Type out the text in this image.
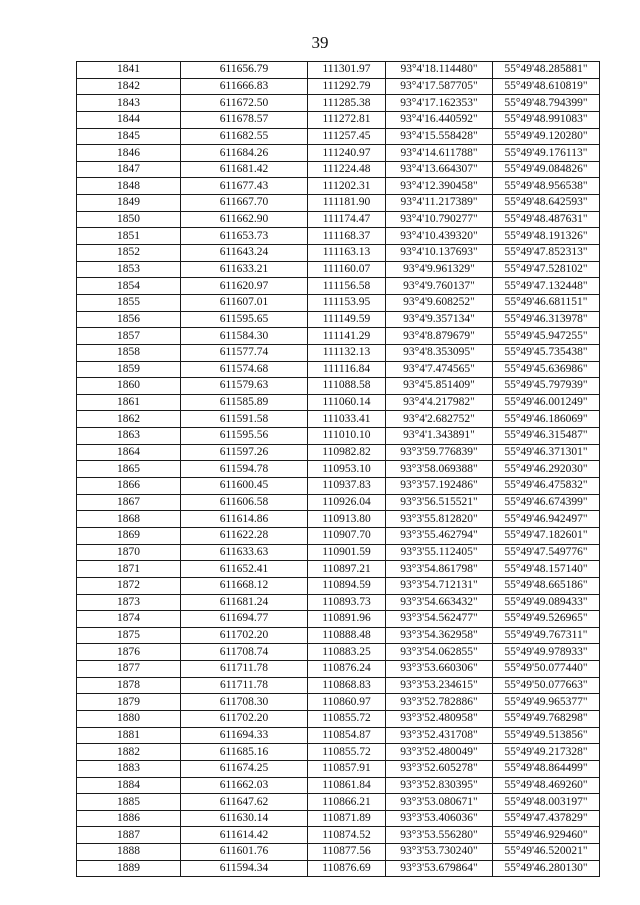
39
1841	611656.79	111301.97	93°4'18.114480"	55°49'48.285881"
1842	611666.83	111292.79	93°4'17.587705"	55°49'48.610819"
1843	611672.50	111285.38	93°4'17.162353"	55°49'48.794399"
1844	611678.57	111272.81	93°4'16.440592"	55°49'48.991083"
1845	611682.55	111257.45	93°4'15.558428"	55°49'49.120280"
1846	611684.26	111240.97	93°4'14.611788"	55°49'49.176113"
1847	611681.42	111224.48	93°4'13.664307"	55°49'49.084826"
1848	611677.43	111202.31	93°4'12.390458"	55°49'48.956538"
1849	611667.70	111181.90	93°4'11.217389"	55°49'48.642593"
1850	611662.90	111174.47	93°4'10.790277"	55°49'48.487631"
1851	611653.73	111168.37	93°4'10.439320"	55°49'48.191326"
1852	611643.24	111163.13	93°4'10.137693"	55°49'47.852313"
1853	611633.21	111160.07	93°4'9.961329"	55°49'47.528102"
1854	611620.97	111156.58	93°4'9.760137"	55°49'47.132448"
1855	611607.01	111153.95	93°4'9.608252"	55°49'46.681151"
1856	611595.65	111149.59	93°4'9.357134"	55°49'46.313978"
1857	611584.30	111141.29	93°4'8.879679"	55°49'45.947255"
1858	611577.74	111132.13	93°4'8.353095"	55°49'45.735438"
1859	611574.68	111116.84	93°4'7.474565"	55°49'45.636986"
1860	611579.63	111088.58	93°4'5.851409"	55°49'45.797939"
1861	611585.89	111060.14	93°4'4.217982"	55°49'46.001249"
1862	611591.58	111033.41	93°4'2.682752"	55°49'46.186069"
1863	611595.56	111010.10	93°4'1.343891"	55°49'46.315487"
1864	611597.26	110982.82	93°3'59.776839"	55°49'46.371301"
1865	611594.78	110953.10	93°3'58.069388"	55°49'46.292030"
1866	611600.45	110937.83	93°3'57.192486"	55°49'46.475832"
1867	611606.58	110926.04	93°3'56.515521"	55°49'46.674399"
1868	611614.86	110913.80	93°3'55.812820"	55°49'46.942497"
1869	611622.28	110907.70	93°3'55.462794"	55°49'47.182601"
1870	611633.63	110901.59	93°3'55.112405"	55°49'47.549776"
1871	611652.41	110897.21	93°3'54.861798"	55°49'48.157140"
1872	611668.12	110894.59	93°3'54.712131"	55°49'48.665186"
1873	611681.24	110893.73	93°3'54.663432"	55°49'49.089433"
1874	611694.77	110891.96	93°3'54.562477"	55°49'49.526965"
1875	611702.20	110888.48	93°3'54.362958"	55°49'49.767311"
1876	611708.74	110883.25	93°3'54.062855"	55°49'49.978933"
1877	611711.78	110876.24	93°3'53.660306"	55°49'50.077440"
1878	611711.78	110868.83	93°3'53.234615"	55°49'50.077663"
1879	611708.30	110860.97	93°3'52.782886"	55°49'49.965377"
1880	611702.20	110855.72	93°3'52.480958"	55°49'49.768298"
1881	611694.33	110854.87	93°3'52.431708"	55°49'49.513856"
1882	611685.16	110855.72	93°3'52.480049"	55°49'49.217328"
1883	611674.25	110857.91	93°3'52.605278"	55°49'48.864499"
1884	611662.03	110861.84	93°3'52.830395"	55°49'48.469260"
1885	611647.62	110866.21	93°3'53.080671"	55°49'48.003197"
1886	611630.14	110871.89	93°3'53.406036"	55°49'47.437829"
1887	611614.42	110874.52	93°3'53.556280"	55°49'46.929460"
1888	611601.76	110877.56	93°3'53.730240"	55°49'46.520021"
1889	611594.34	110876.69	93°3'53.679864"	55°49'46.280130"
